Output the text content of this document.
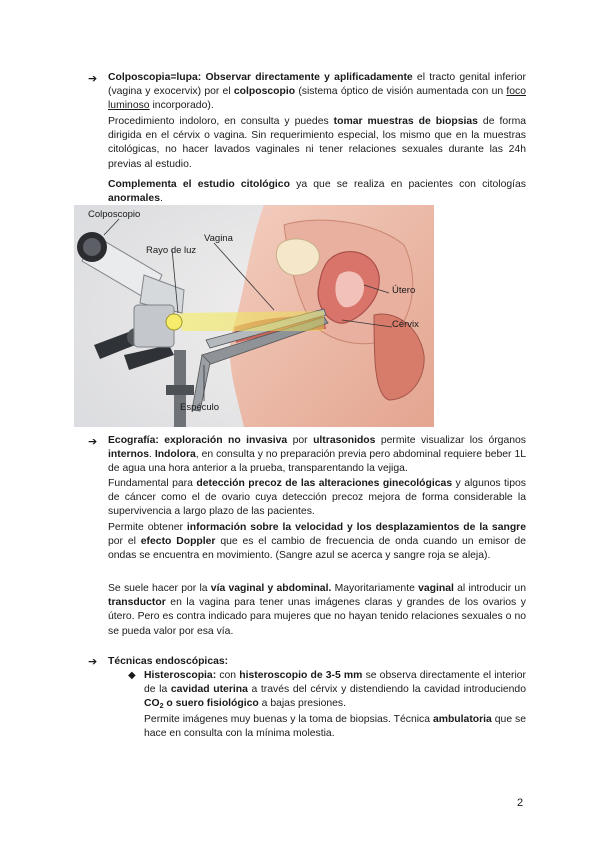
➔ Colposcopia=lupa: Observar directamente y aplificadamente el tracto genital inferior (vagina y exocervix) por el colposcopio (sistema óptico de visión aumentada con un foco luminoso incorporado).
Procedimiento indoloro, en consulta y puedes tomar muestras de biopsias de forma dirigida en el cérvix o vagina. Sin requerimiento especial, los mismo que en la muestras citológicas, no hacer lavados vaginales ni tener relaciones sexuales durante las 24h previas al estudio.
Complementa el estudio citológico ya que se realiza en pacientes con citologías anormales.
Colposcopio
Vagina
Rayo de luz
Útero
Cérvix
Espéculo
➔ Ecografía: exploración no invasiva por ultrasonidos permite visualizar los órganos internos. Indolora, en consulta y no preparación previa pero abdominal requiere beber 1L de agua una hora anterior a la prueba, transparentando la vejiga.
Fundamental para detección precoz de las alteraciones ginecológicas y algunos tipos de cáncer como el de ovario cuya detección precoz mejora de forma considerable la supervivencia a largo plazo de las pacientes.
Permite obtener información sobre la velocidad y los desplazamientos de la sangre por el efecto Doppler que es el cambio de frecuencia de onda cuando un emisor de ondas se encuentra en movimiento. (Sangre azul se acerca y sangre roja se aleja).
Se suele hacer por la vía vaginal y abdominal. Mayoritariamente vaginal al introducir un transductor en la vagina para tener unas imágenes claras y grandes de los ovarios y útero. Pero es contra indicado para mujeres que no hayan tenido relaciones sexuales o no se pueda valor por esa vía.
➔ Técnicas endoscópicas:
◆ Histeroscopia: con histeroscopio de 3-5 mm se observa directamente el interior de la cavidad uterina a través del cérvix y distendiendo la cavidad introduciendo $CO_2$ o suero fisiológico a bajas presiones.
Permite imágenes muy buenas y la toma de biopsias. Técnica ambulatoria que se hace en consulta con la mínima molestia.
2
